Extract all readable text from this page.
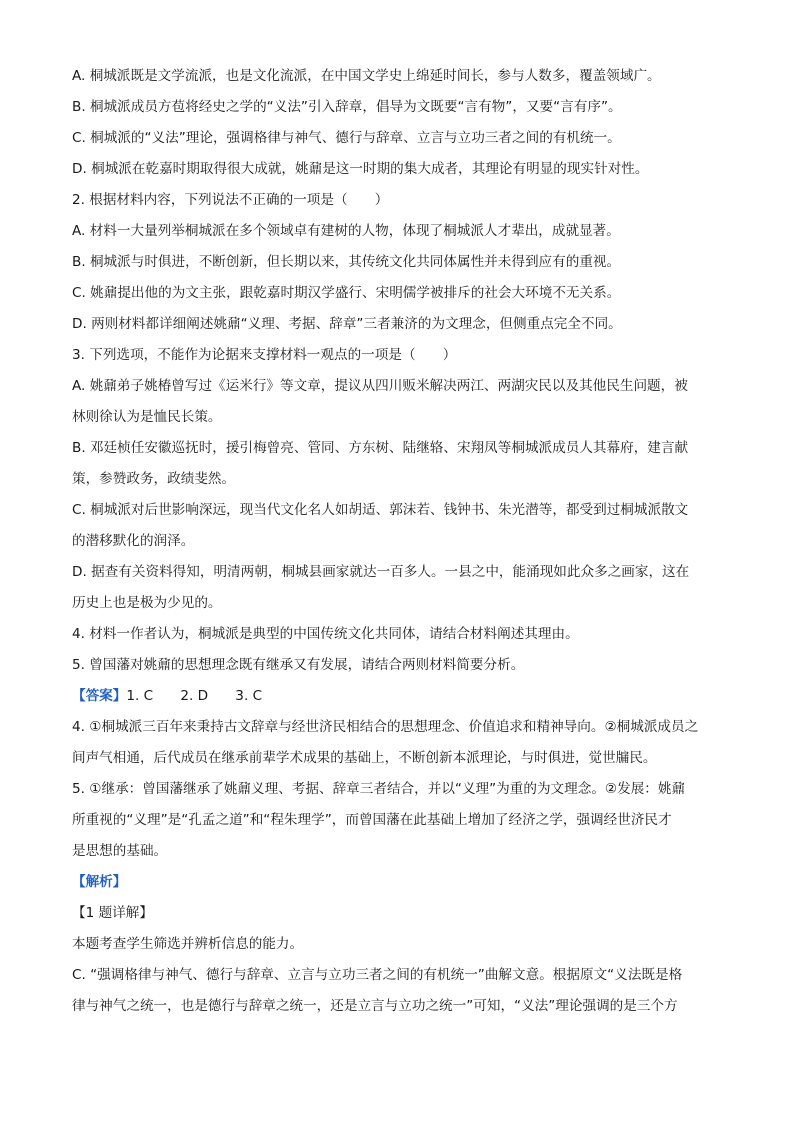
A. 桐城派既是文学流派，也是文化流派，在中国文学史上绵延时间长，参与人数多，覆盖领域广。
B. 桐城派成员方苞将经史之学的“义法”引入辞章，倡导为文既要“言有物”，又要“言有序”。
C. 桐城派的“义法”理论，强调格律与神气、德行与辞章、立言与立功三者之间的有机统一。
D. 桐城派在乾嘉时期取得很大成就，姚鼐是这一时期的集大成者，其理论有明显的现实针对性。
2. 根据材料内容，下列说法不正确的一项是（　　）
A. 材料一大量列举桐城派在多个领域卓有建树的人物，体现了桐城派人才辈出，成就显著。
B. 桐城派与时俱进，不断创新，但长期以来，其传统文化共同体属性并未得到应有的重视。
C. 姚鼐提出他的为文主张，跟乾嘉时期汉学盛行、宋明儒学被排斥的社会大环境不无关系。
D. 两则材料都详细阐述姚鼐“义理、考据、辞章”三者兼济的为文理念，但侧重点完全不同。
3. 下列选项，不能作为论据来支撑材料一观点的一项是（　　）
A. 姚鼐弟子姚椿曾写过《运米行》等文章，提议从四川贩米解决两江、两湖灾民以及其他民生问题，被
林则徐认为是恤民长策。
B. 邓廷桢任安徽巡抚时，援引梅曾亮、管同、方东树、陆继辂、宋翔凤等桐城派成员人其幕府，建言献
策，参赞政务，政绩斐然。
C. 桐城派对后世影响深远，现当代文化名人如胡适、郭沫若、钱钟书、朱光潜等，都受到过桐城派散文
的潜移默化的润泽。
D. 据查有关资料得知，明清两朝，桐城县画家就达一百多人。一县之中，能涌现如此众多之画家，这在
历史上也是极为少见的。
4. 材料一作者认为，桐城派是典型的中国传统文化共同体，请结合材料阐述其理由。
5. 曾国藩对姚鼐的思想理念既有继承又有发展，请结合两则材料简要分析。
【答案】1. C　　2. D　　3. C
4. ①桐城派三百年来秉持古文辞章与经世济民相结合的思想理念、价值追求和精神导向。②桐城派成员之
间声气相通，后代成员在继承前辈学术成果的基础上，不断创新本派理论，与时俱进，觉世牖民。
5. ①继承：曾国藩继承了姚鼐义理、考据、辞章三者结合，并以“义理”为重的为文理念。②发展：姚鼐
所重视的“义理”是“孔孟之道”和“程朱理学”，而曾国藩在此基础上增加了经济之学，强调经世济民才
是思想的基础。
【解析】
【1 题详解】
本题考查学生筛选并辨析信息的能力。
C. “强调格律与神气、德行与辞章、立言与立功三者之间的有机统一”曲解文意。根据原文“义法既是格
律与神气之统一，也是德行与辞章之统一，还是立言与立功之统一”可知，“义法”理论强调的是三个方
